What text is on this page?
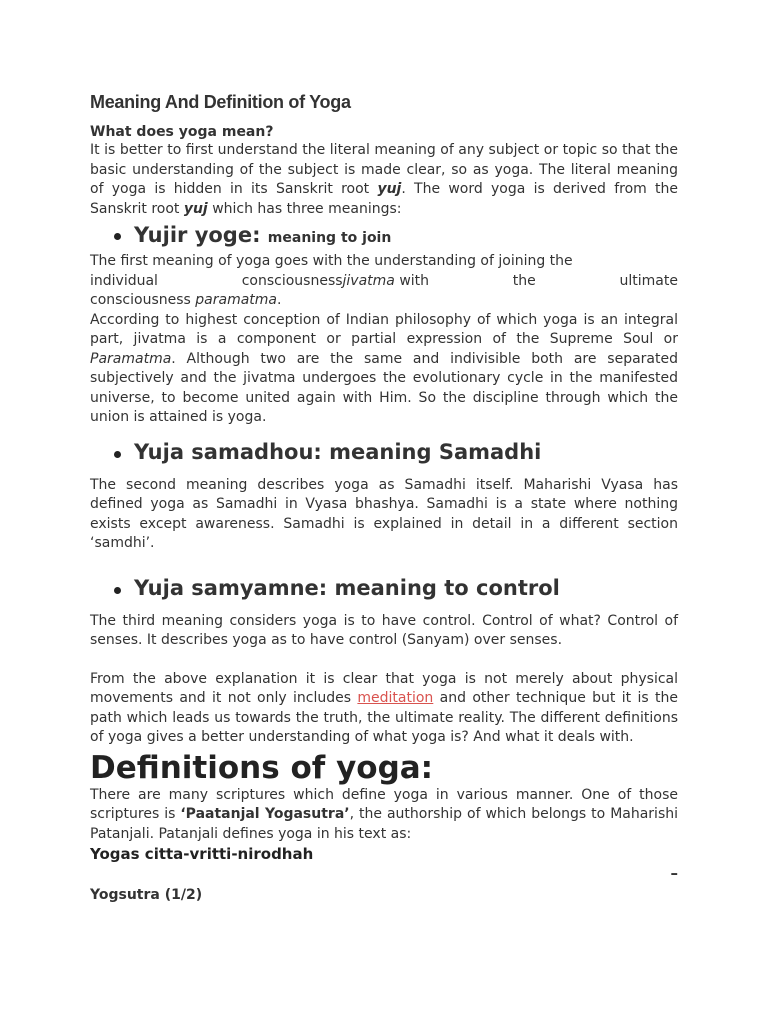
Meaning And Definition of Yoga
What does yoga mean?

It is better to first understand the literal meaning of any subject or topic so that the basic understanding of the subject is made clear, so as yoga. The literal meaning of yoga is hidden in its Sanskrit root yuj. The word yoga is derived from the Sanskrit root yuj which has three meanings:

Yujir yoge: meaning to join

The first meaning of yoga goes with the understanding of joining the

individual	consciousnessjivatma with	the	ultimate

consciousness paramatma.

According to highest conception of Indian philosophy of which yoga is an integral part, jivatma is a component or partial expression of the Supreme Soul or Paramatma. Although two are the same and indivisible both are separated subjectively and the jivatma undergoes the evolutionary cycle in the manifested universe, to become united again with Him. So the discipline through which the union is attained is yoga.

Yuja samadhou: meaning Samadhi

The second meaning describes yoga as Samadhi itself. Maharishi Vyasa has defined yoga as Samadhi in Vyasa bhashya. Samadhi is a state where nothing exists except awareness. Samadhi is explained in detail in a different section ‘samdhi’.

Yuja samyamne: meaning to control

The third meaning considers yoga is to have control. Control of what? Control of senses. It describes yoga as to have control (Sanyam) over senses.

From the above explanation it is clear that yoga is not merely about physical movements and it not only includes meditation and other technique but it is the path which leads us towards the truth, the ultimate reality. The different definitions of yoga gives a better understanding of what yoga is? And what it deals with.

Definitions of yoga:

There are many scriptures which define yoga in various manner. One of those scriptures is ‘Paatanjal Yogasutra’, the authorship of which belongs to Maharishi Patanjali. Patanjali defines yoga in his text as:

Yogas citta-vritti-nirodhah

–

Yogsutra (1/2)
